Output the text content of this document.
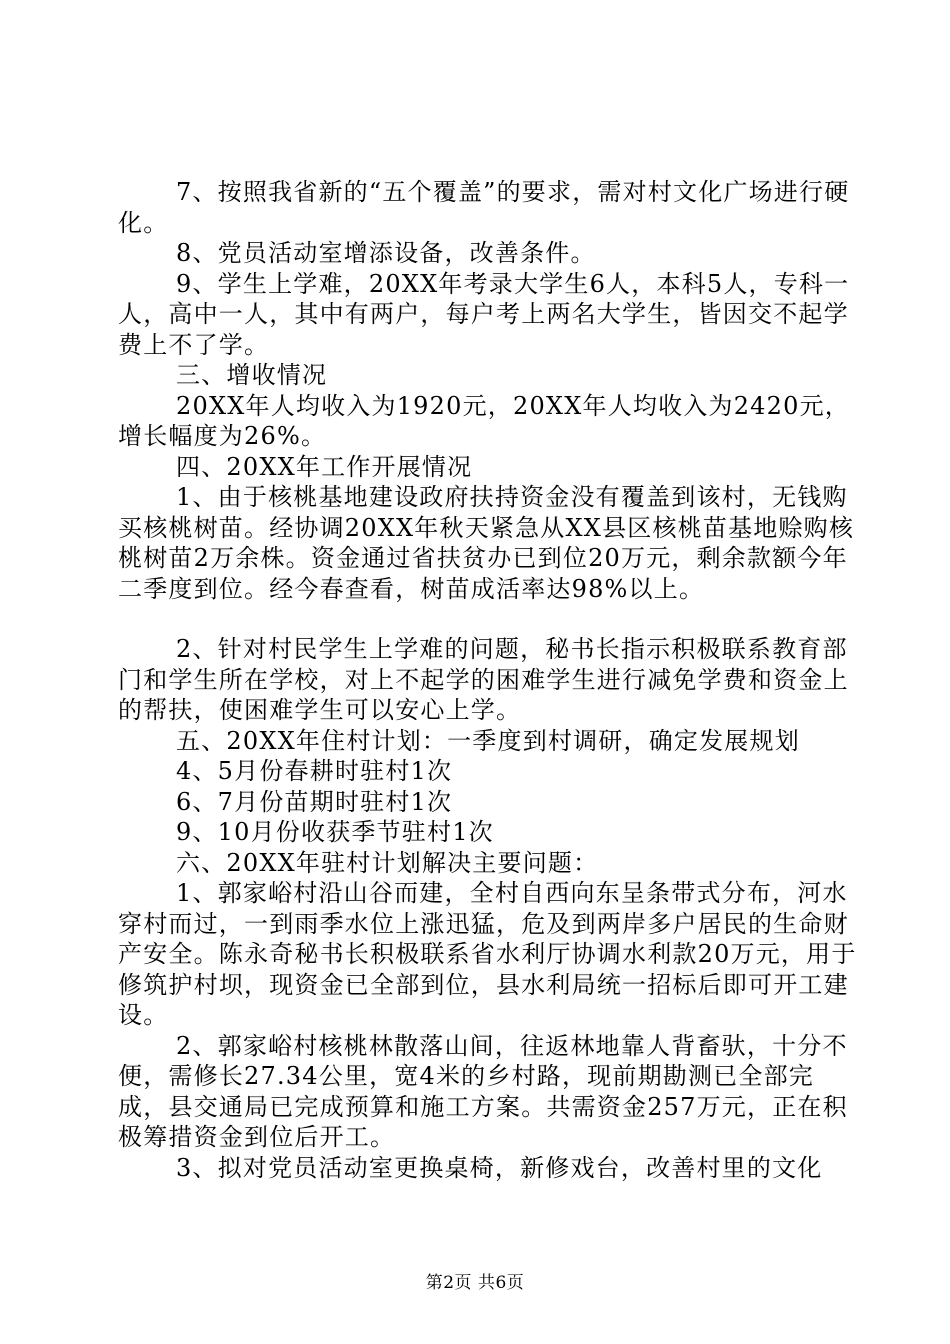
7、按照我省新的“五个覆盖”的要求，需对村文化广场进行硬化。

8、党员活动室增添设备，改善条件。

9、学生上学难，20XX年考录大学生6人，本科5人，专科一人，高中一人，其中有两户，每户考上两名大学生，皆因交不起学费上不了学。

三、增收情况

20XX年人均收入为1920元，20XX年人均收入为2420元，增长幅度为26%。

四、20XX年工作开展情况

1、由于核桃基地建设政府扶持资金没有覆盖到该村，无钱购买核桃树苗。经协调20XX年秋天紧急从XX县区核桃苗基地赊购核桃树苗2万余株。资金通过省扶贫办已到位20万元，剩余款额今年二季度到位。经今春查看，树苗成活率达98%以上。

2、针对村民学生上学难的问题，秘书长指示积极联系教育部门和学生所在学校，对上不起学的困难学生进行减免学费和资金上的帮扶，使困难学生可以安心上学。

五、20XX年住村计划：一季度到村调研，确定发展规划

4、5月份春耕时驻村1次

6、7月份苗期时驻村1次

9、10月份收获季节驻村1次

六、20XX年驻村计划解决主要问题：

1、郭家峪村沿山谷而建，全村自西向东呈条带式分布，河水穿村而过，一到雨季水位上涨迅猛，危及到两岸多户居民的生命财产安全。陈永奇秘书长积极联系省水利厅协调水利款20万元，用于修筑护村坝，现资金已全部到位，县水利局统一招标后即可开工建设。

2、郭家峪村核桃林散落山间，往返林地靠人背畜驮，十分不便，需修长27.34公里，宽4米的乡村路，现前期勘测已全部完成，县交通局已完成预算和施工方案。共需资金257万元，正在积极筹措资金到位后开工。

3、拟对党员活动室更换桌椅，新修戏台，改善村里的文化

第2页 共6页
